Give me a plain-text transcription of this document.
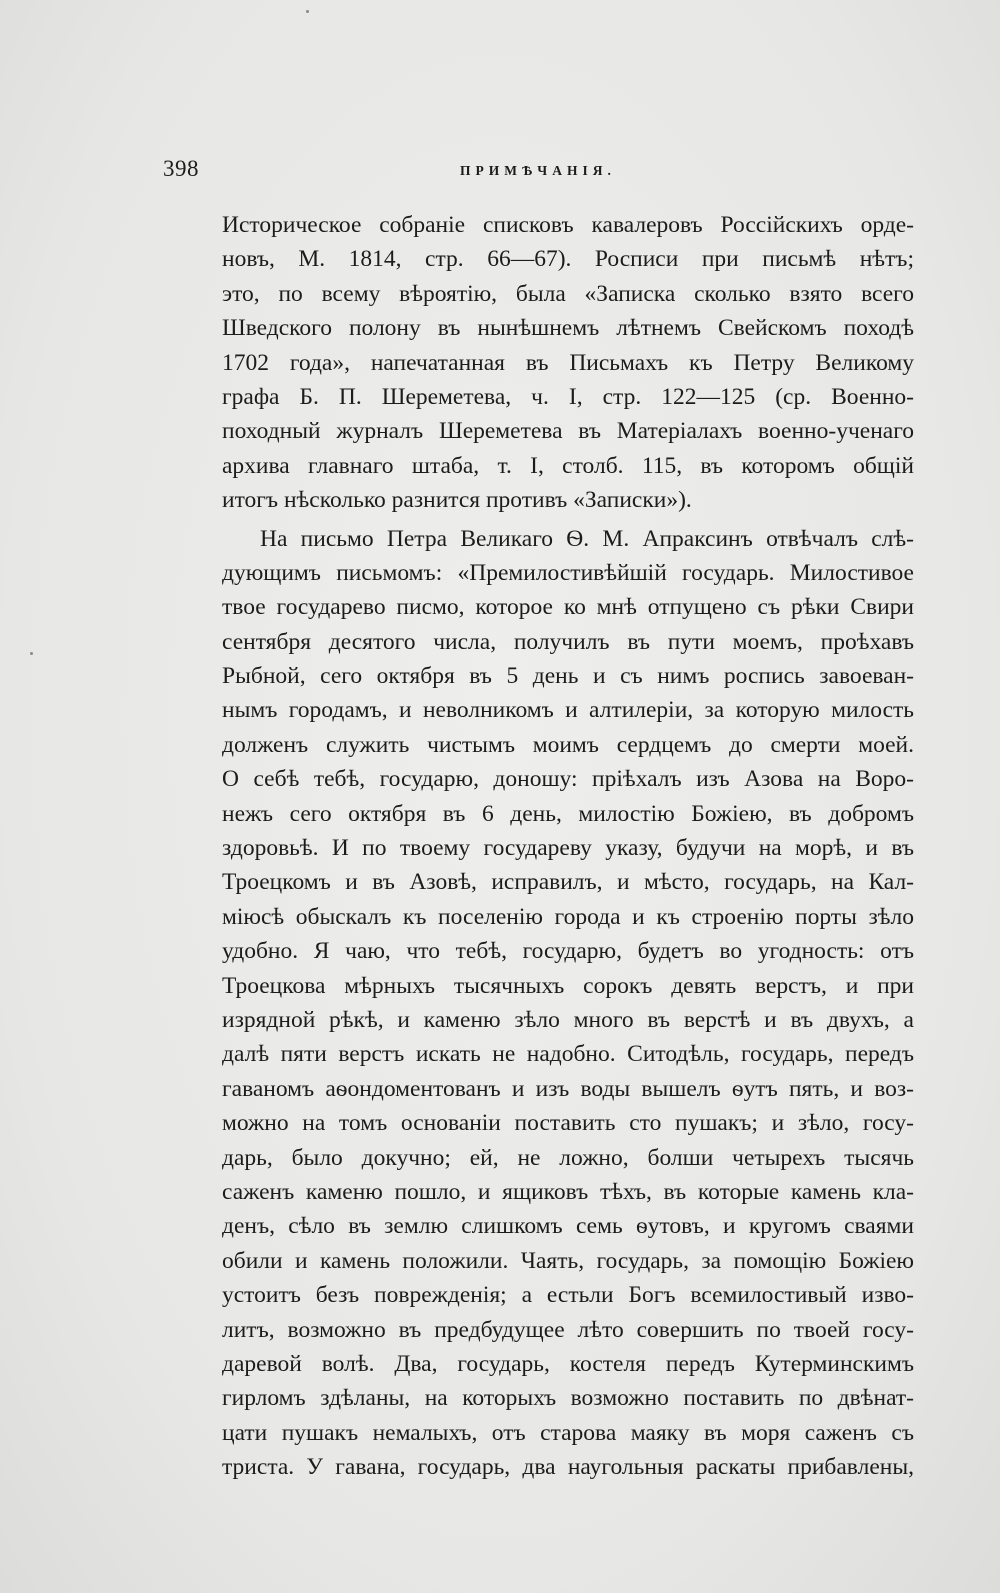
398	ПРИМѢЧАНІЯ.
Историческое собраніе списковъ кавалеровъ Россійскихъ орде-
новъ, М. 1814, стр. 66—67). Росписи при письмѣ нѣтъ;
это, по всему вѣроятію, была «Записка сколько взято всего
Шведского полону въ нынѣшнемъ лѣтнемъ Свейскомъ походѣ
1702 года», напечатанная въ Письмахъ къ Петру Великому
графа Б. П. Шереметева, ч. І, стр. 122—125 (ср. Военно-
походный журналъ Шереметева въ Матеріалахъ военно-ученаго
архива главнаго штаба, т. І, столб. 115, въ которомъ общій
итогъ нѣсколько разнится противъ «Записки»).
На письмо Петра Великаго Ѳ. М. Апраксинъ отвѣчалъ слѣ-
дующимъ письмомъ: «Премилостивѣйшій государь. Милостивое
твое государево писмо, которое ко мнѣ отпущено съ рѣки Свири
сентября десятого числа, получилъ въ пути моемъ, проѣхавъ
Рыбной, сего октября въ 5 день и съ нимъ роспись завоеван-
нымъ городамъ, и неволникомъ и алтилеріи, за которую милость
долженъ служить чистымъ моимъ сердцемъ до смерти моей.
О себѣ тебѣ, государю, доношу: пріѣхалъ изъ Азова на Воро-
нежъ сего октября въ 6 день, милостію Божіею, въ добромъ
здоровьѣ. И по твоему государеву указу, будучи на морѣ, и въ
Троецкомъ и въ Азовѣ, исправилъ, и мѣсто, государь, на Кал-
міюсѣ обыскалъ къ поселенію города и къ строенію порты зѣло
удобно. Я чаю, что тебѣ, государю, будетъ во угодность: отъ
Троецкова мѣрныхъ тысячныхъ сорокъ девять верстъ, и при
изрядной рѣкѣ, и каменю зѣло много въ верстѣ и въ двухъ, а
далѣ пяти верстъ искать не надобно. Ситодѣль, государь, передъ
гаваномъ аѳондоментованъ и изъ воды вышелъ ѳутъ пять, и воз-
можно на томъ основаніи поставить сто пушакъ; и зѣло, госу-
дарь, было докучно; ей, не ложно, болши четырехъ тысячь
саженъ каменю пошло, и ящиковъ тѣхъ, въ которые камень кла-
денъ, сѣло въ землю слишкомъ семь ѳутовъ, и кругомъ сваями
обили и камень положили. Чаять, государь, за помощію Божіею
устоитъ безъ поврежденія; а естьли Богъ всемилостивый изво-
литъ, возможно въ предбудущее лѣто совершить по твоей госу-
даревой волѣ. Два, государь, костеля передъ Кутерминскимъ
гирломъ здѣланы, на которыхъ возможно поставить по двѣнат-
цати пушакъ немалыхъ, отъ старова маяку въ моря саженъ съ
триста. У гавана, государь, два наугольныя раскаты прибавлены,
